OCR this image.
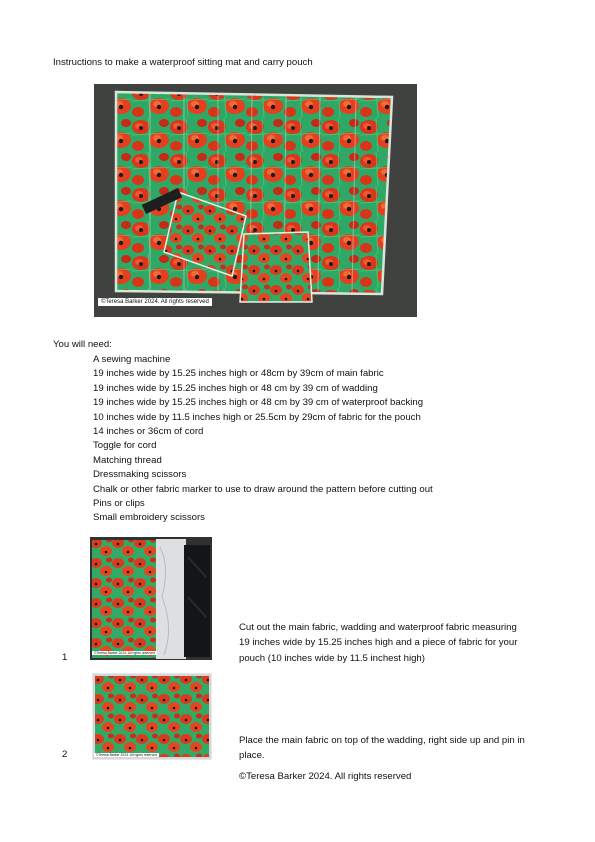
Instructions to make a waterproof sitting mat and carry pouch
©Teresa Barker 2024. All rights reserved
You will need:
A sewing machine
19 inches wide by 15.25 inches high or 48cm by 39cm of main fabric
19 inches wide by 15.25 inches high or 48 cm by 39 cm of wadding
19 inches wide by 15.25 inches high or 48 cm by 39 cm of waterproof backing
10 inches wide by 11.5 inches high or 25.5cm by 29cm of fabric for the pouch
14 inches or 36cm of cord
Toggle for cord
Matching thread
Dressmaking scissors
Chalk or other fabric marker to use to draw around the pattern before cutting out
Pins or clips
Small embroidery scissors
©Teresa Barker 2024. All rights reserved
1
Cut out the main fabric, wadding and waterproof fabric measuring 19 inches wide by 15.25 inches high and a piece of fabric for your pouch (10 inches wide by 11.5 inchest high)
©Teresa Barker 2024. All rights reserved
2
Place the main fabric on top of the wadding, right side up and pin in place.
©Teresa Barker 2024. All rights reserved
